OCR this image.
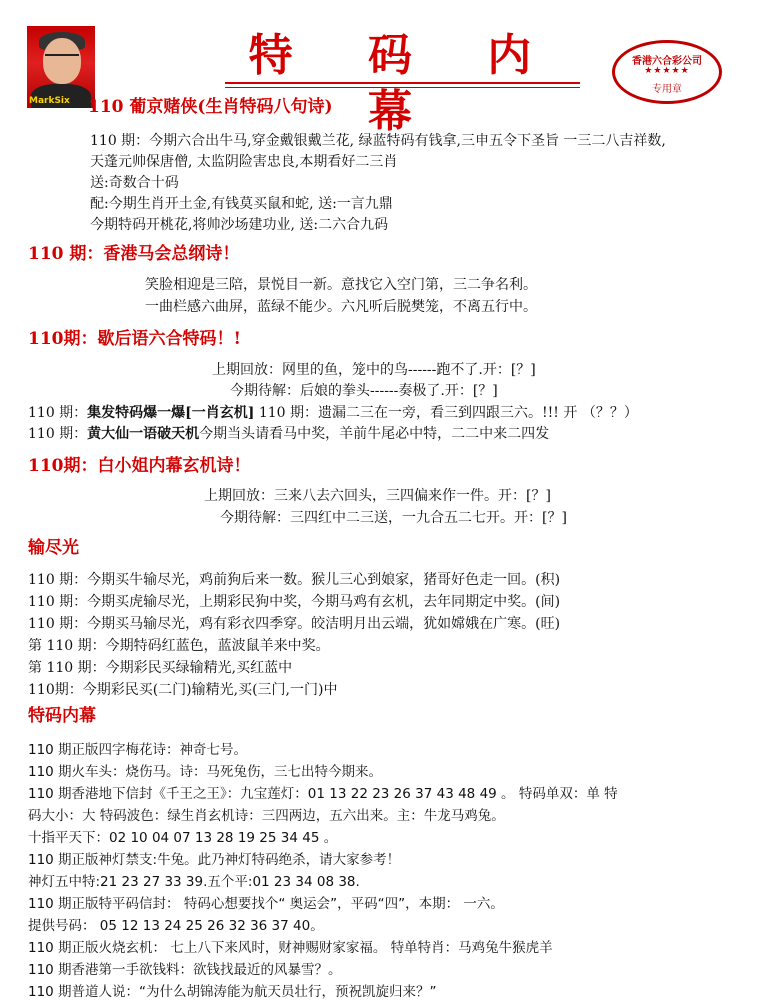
MarkSix
特 码 内 幕
香港六合彩公司
★★★★★
专用章
110 葡京赌侠(生肖特码八句诗)
110 期：今期六合出牛马,穿金戴银戴兰花, 绿蓝特码有钱拿,三申五令下圣旨 一三二八吉祥数,
天蓬元帅保唐僧, 太监阴险害忠良,本期看好二三肖
送:奇数合十码
配:今期生肖开土金,有钱莫买鼠和蛇, 送:一言九鼎
今期特码开桃花,将帅沙场建功业, 送:二六合九码
110 期：香港马会总纲诗！
笑脸相迎是三陪，景悦目一新。意找它入空门第，三二争名利。
一曲栏感六曲屏，蓝绿不能少。六凡听后脱樊笼，不离五行中。
110期：歇后语六合特码！!
上期回放：网里的鱼，笼中的鸟------跑不了.开：[？]
今期待解：后娘的拳头------奏极了.开：[？]
110 期：集发特码爆一爆[一肖玄机] 110 期：遗漏二三在一旁，看三到四跟三六。!!! 开 （？？）
110 期：黄大仙一语破天机今期当头请看马中奖，羊前牛尾必中特，二二中来二四发
110期：白小姐内幕玄机诗！
上期回放：三来八去六回头，三四偏来作一件。开：[？]
今期待解：三四红中二三送，一九合五二七开。开：[？]
输尽光
110 期：今期买牛输尽光，鸡前狗后来一数。猴儿三心到娘家，猪哥好色走一回。(积)
110 期：今期买虎输尽光，上期彩民狗中奖，今期马鸡有玄机，去年同期定中奖。(间)
110 期：今期买马输尽光，鸡有彩衣四季穿。皎洁明月出云端，犹如嫦娥在广寒。(旺)
第 110 期：今期特码红蓝色，蓝波鼠羊来中奖。
第 110 期：今期彩民买绿输精光,买红蓝中
110期：今期彩民买(二门)输精光,买(三门,一门)中
特码内幕
110 期正版四字梅花诗：神奇七号。
110 期火车头：烧伤马。诗：马死兔伤，三七出特今期来。
110 期香港地下信封《千王之王》：九宝莲灯：01 13 22 23 26 37 43 48 49 。 特码单双：单 特
码大小：大 特码波色：绿生肖玄机诗：三四两边，五六出来。主：牛龙马鸡兔。
十指平天下：02 10 04 07 13 28 19 25 34 45 。
110 期正版神灯禁支:牛兔。此乃神灯特码绝杀，请大家参考！
神灯五中特:21 23 27 33 39.五个平:01 23 34 08 38.
110 期正版特平码信封： 特码心想要找个“ 奥运会”，平码“四”，本期： 一六。
提供号码： 05 12 13 24 25 26 32 36 37 40。
110 期正版火烧玄机： 七上八下来风时，财神赐财家家福。 特单特肖：马鸡兔牛猴虎羊
110 期香港第一手欲钱料：欲钱找最近的风暴雪？。
110 期普道人说：“为什么胡锦涛能为航天员壮行，预祝凯旋归来？”
